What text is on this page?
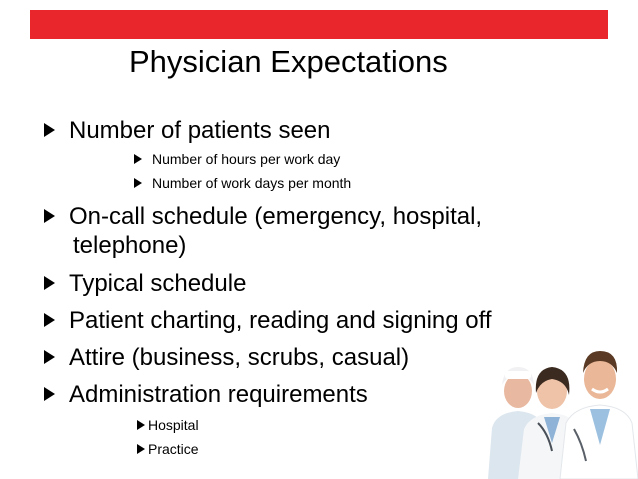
Physician Expectations
Number of patients seen
Number of hours per work day
Number of work days per month
On-call schedule (emergency, hospital,
telephone)
Typical schedule
Patient charting, reading and signing off
Attire (business, scrubs, casual)
Administration requirements
Hospital
Practice
